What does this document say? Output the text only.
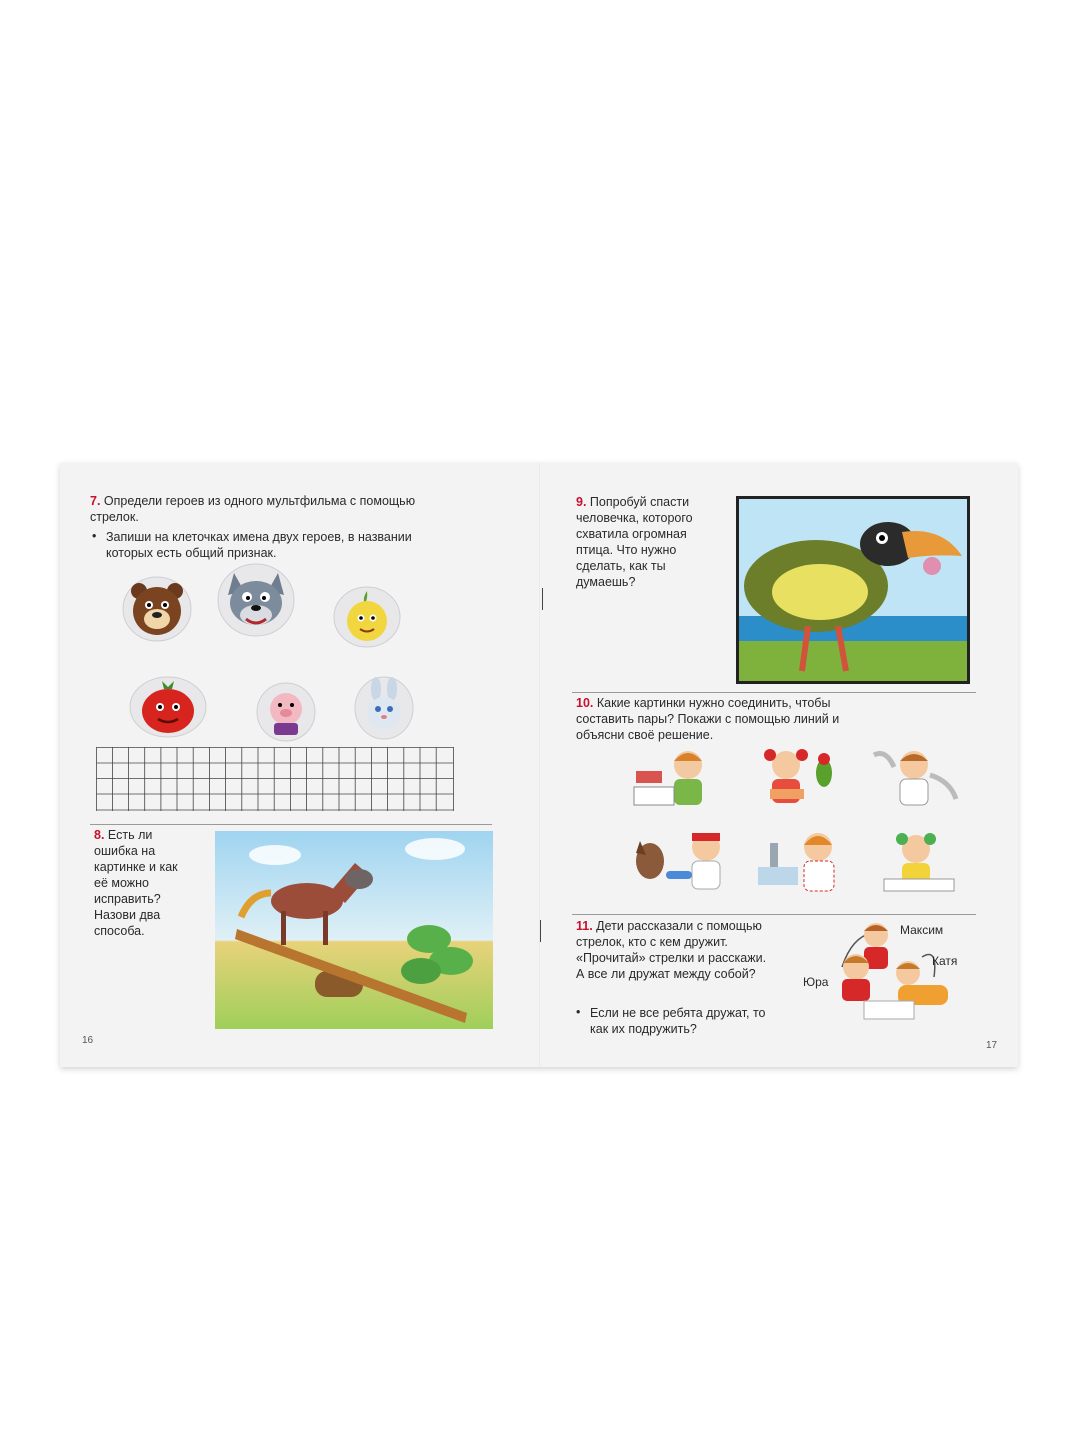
7. Определи героев из одного мультфильма с помощью стрелок.
• Запиши на клеточках имена двух героев, в названии которых есть общий признак.
8. Есть ли ошибка на картинке и как её можно исправить? Назови два способа.
16
9. Попробуй спасти человечка, которого схватила огромная птица. Что нужно сделать, как ты думаешь?
10. Какие картинки нужно соединить, чтобы составить пары? Покажи с помощью линий и объясни своё решение.
11. Дети рассказали с помощью стрелок, кто с кем дружит. «Прочитай» стрелки и расскажи. А все ли дружат между собой?
• Если не все ребята дружат, то как их подружить?
Максим
Катя
Юра
17
